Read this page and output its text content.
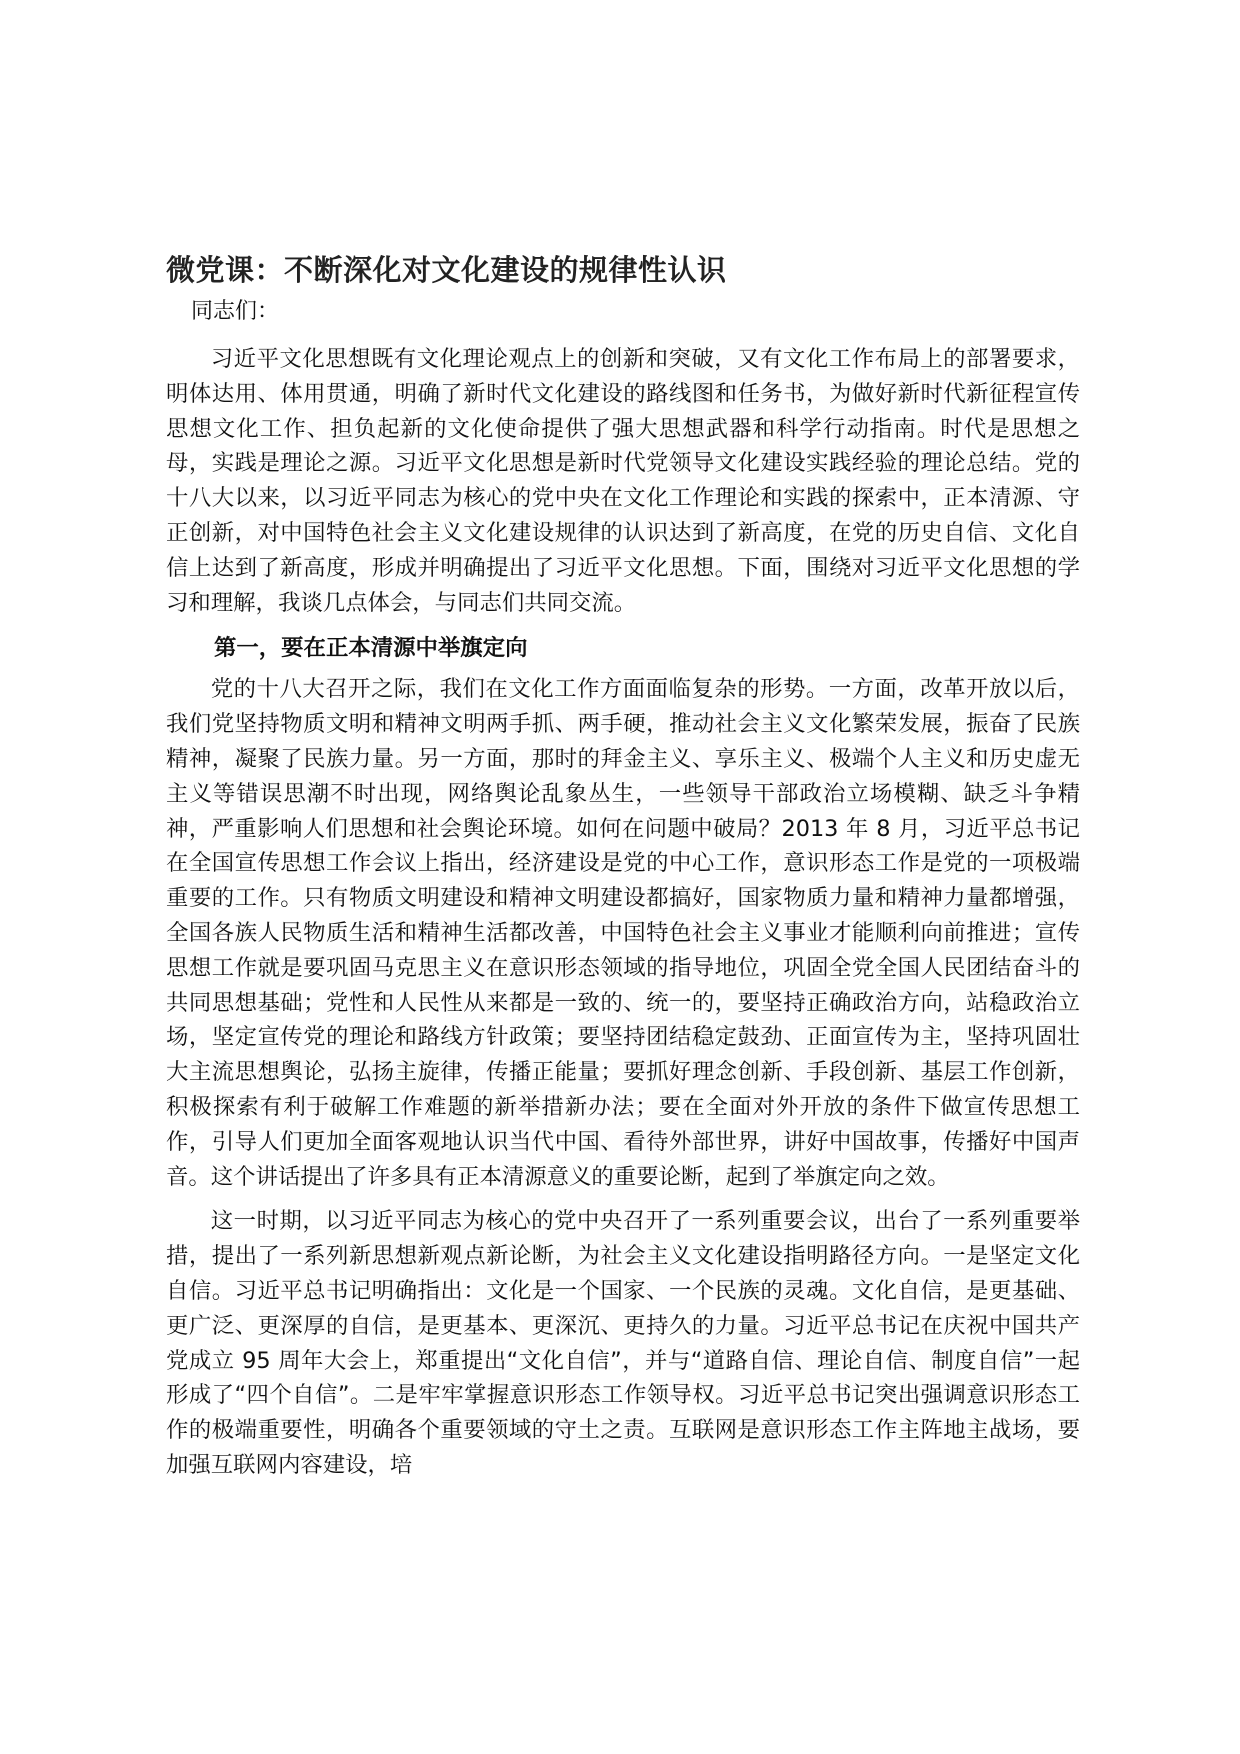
微党课：不断深化对文化建设的规律性认识
同志们：

习近平文化思想既有文化理论观点上的创新和突破，又有文化工作布局上的部署要求，明体达用、体用贯通，明确了新时代文化建设的路线图和任务书，为做好新时代新征程宣传思想文化工作、担负起新的文化使命提供了强大思想武器和科学行动指南。时代是思想之母，实践是理论之源。习近平文化思想是新时代党领导文化建设实践经验的理论总结。党的十八大以来，以习近平同志为核心的党中央在文化工作理论和实践的探索中，正本清源、守正创新，对中国特色社会主义文化建设规律的认识达到了新高度，在党的历史自信、文化自信上达到了新高度，形成并明确提出了习近平文化思想。下面，围绕对习近平文化思想的学习和理解，我谈几点体会，与同志们共同交流。

第一，要在正本清源中举旗定向

党的十八大召开之际，我们在文化工作方面面临复杂的形势。一方面，改革开放以后，我们党坚持物质文明和精神文明两手抓、两手硬，推动社会主义文化繁荣发展，振奋了民族精神，凝聚了民族力量。另一方面，那时的拜金主义、享乐主义、极端个人主义和历史虚无主义等错误思潮不时出现，网络舆论乱象丛生，一些领导干部政治立场模糊、缺乏斗争精神，严重影响人们思想和社会舆论环境。如何在问题中破局？2013 年 8 月，习近平总书记在全国宣传思想工作会议上指出，经济建设是党的中心工作，意识形态工作是党的一项极端重要的工作。只有物质文明建设和精神文明建设都搞好，国家物质力量和精神力量都增强，全国各族人民物质生活和精神生活都改善，中国特色社会主义事业才能顺利向前推进；宣传思想工作就是要巩固马克思主义在意识形态领域的指导地位，巩固全党全国人民团结奋斗的共同思想基础；党性和人民性从来都是一致的、统一的，要坚持正确政治方向，站稳政治立场，坚定宣传党的理论和路线方针政策；要坚持团结稳定鼓劲、正面宣传为主，坚持巩固壮大主流思想舆论，弘扬主旋律，传播正能量；要抓好理念创新、手段创新、基层工作创新，积极探索有利于破解工作难题的新举措新办法；要在全面对外开放的条件下做宣传思想工作，引导人们更加全面客观地认识当代中国、看待外部世界，讲好中国故事，传播好中国声音。这个讲话提出了许多具有正本清源意义的重要论断，起到了举旗定向之效。

这一时期，以习近平同志为核心的党中央召开了一系列重要会议，出台了一系列重要举措，提出了一系列新思想新观点新论断，为社会主义文化建设指明路径方向。一是坚定文化自信。习近平总书记明确指出：文化是一个国家、一个民族的灵魂。文化自信，是更基础、更广泛、更深厚的自信，是更基本、更深沉、更持久的力量。习近平总书记在庆祝中国共产党成立 95 周年大会上，郑重提出“文化自信”，并与“道路自信、理论自信、制度自信”一起形成了“四个自信”。二是牢牢掌握意识形态工作领导权。习近平总书记突出强调意识形态工作的极端重要性，明确各个重要领域的守土之责。互联网是意识形态工作主阵地主战场，要加强互联网内容建设，培
